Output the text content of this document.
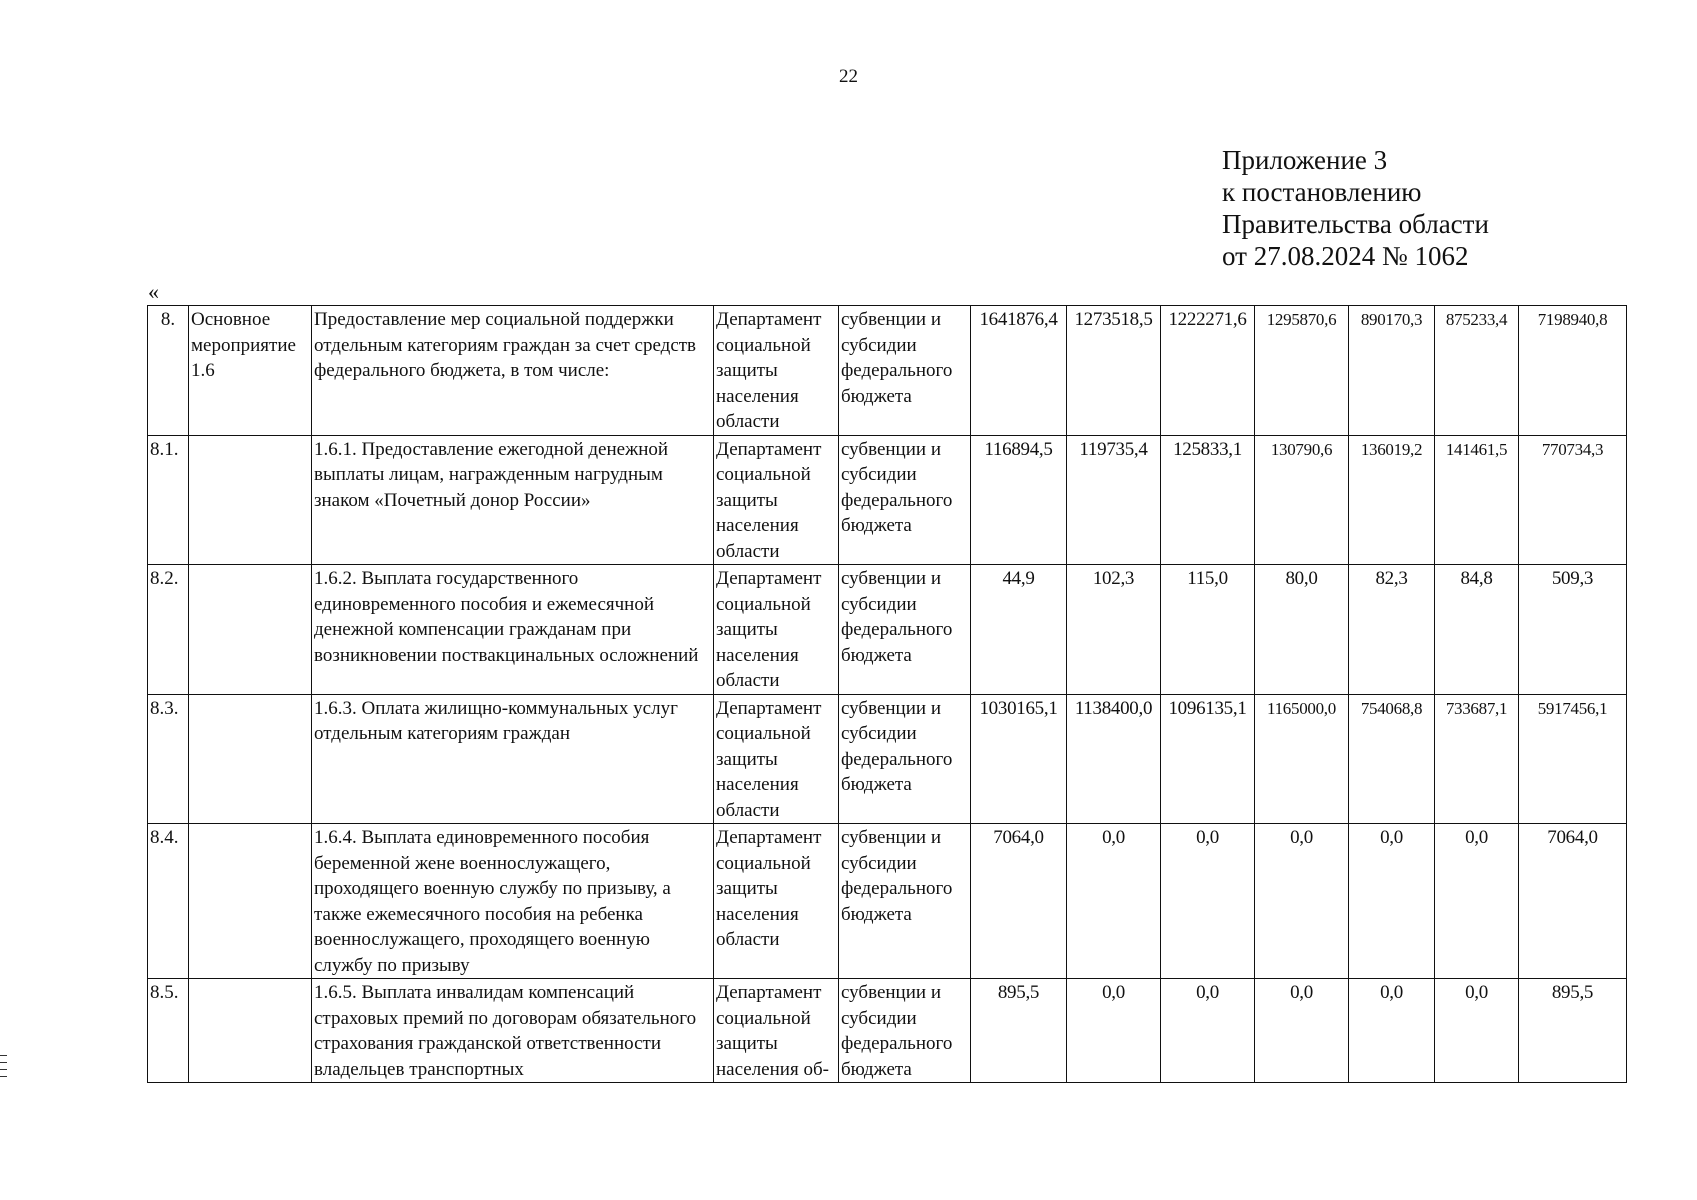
22
Приложение 3
к постановлению
Правительства области
от 27.08.2024 № 1062
«
8.	Основное мероприятие 1.6	Предоставление мер социальной поддержки отдельным категориям граждан за счет средств федерального бюджета, в том числе:	Департамент социальной защиты населения области	субвенции и субсидии федерального бюджета	1641876,4	1273518,5	1222271,6	1295870,6	890170,3	875233,4	7198940,8
8.1.		1.6.1. Предоставление ежегодной денежной выплаты лицам, награжденным нагрудным знаком «Почетный донор России»	Департамент социальной защиты населения области	субвенции и субсидии федерального бюджета	116894,5	119735,4	125833,1	130790,6	136019,2	141461,5	770734,3
8.2.		1.6.2. Выплата государственного единовременного пособия и ежемесячной денежной компенсации гражданам при возникновении поствакцинальных осложнений	Департамент социальной защиты населения области	субвенции и субсидии федерального бюджета	44,9	102,3	115,0	80,0	82,3	84,8	509,3
8.3.		1.6.3. Оплата жилищно-коммунальных услуг отдельным категориям граждан	Департамент социальной защиты населения области	субвенции и субсидии федерального бюджета	1030165,1	1138400,0	1096135,1	1165000,0	754068,8	733687,1	5917456,1
8.4.		1.6.4. Выплата единовременного пособия беременной жене военнослужащего, проходящего военную службу по призыву, а также ежемесячного пособия на ребенка военнослужащего, проходящего военную службу по призыву	Департамент социальной защиты населения области	субвенции и субсидии федерального бюджета	7064,0	0,0	0,0	0,0	0,0	0,0	7064,0
8.5.		1.6.5. Выплата инвалидам компенсаций страховых премий по договорам обязательного страхования гражданской ответственности владельцев транспортных	Департамент социальной защиты населения об-	субвенции и субсидии федерального бюджета	895,5	0,0	0,0	0,0	0,0	0,0	895,5
